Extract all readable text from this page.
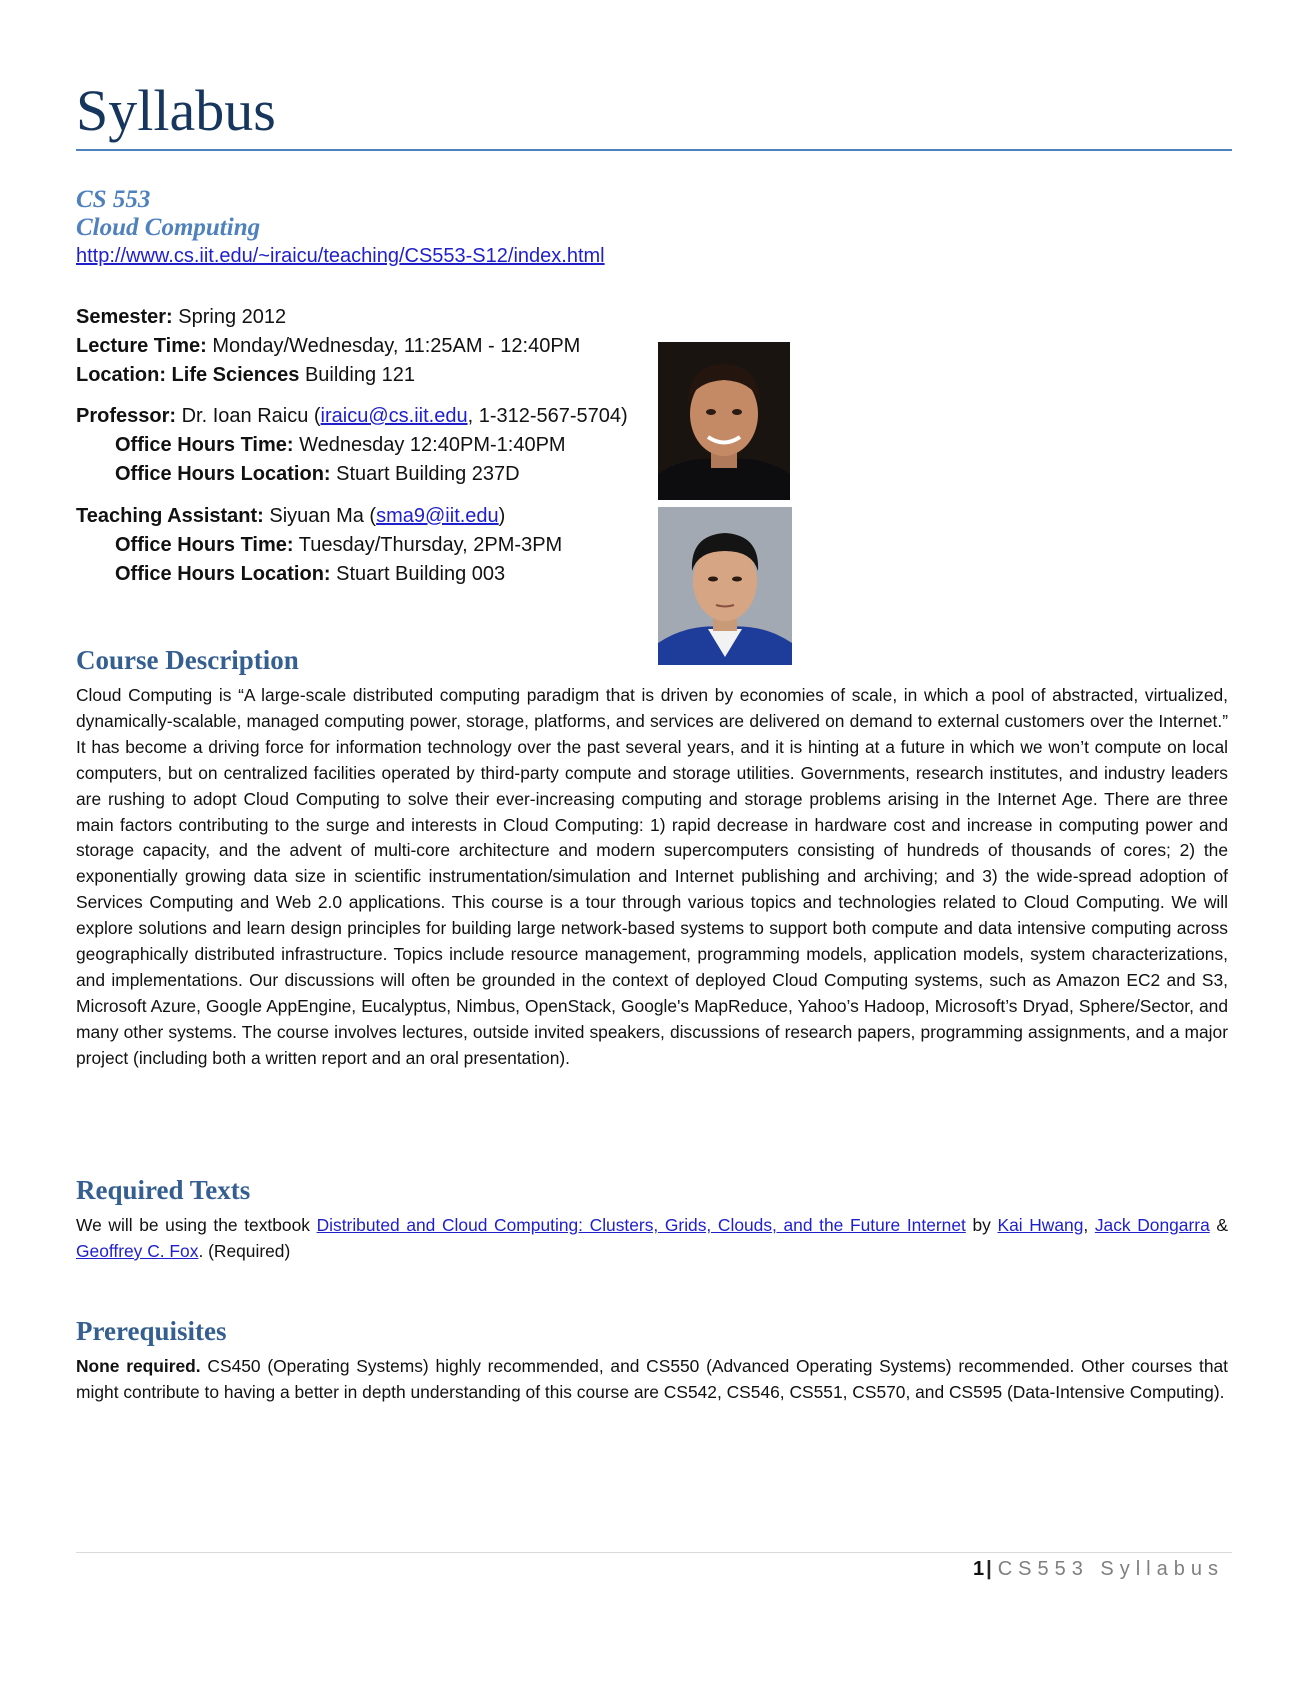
Syllabus
CS 553
Cloud Computing
http://www.cs.iit.edu/~iraicu/teaching/CS553-S12/index.html
Semester: Spring 2012
Lecture Time: Monday/Wednesday, 11:25AM - 12:40PM
Location: Life Sciences Building 121
Professor: Dr. Ioan Raicu (iraicu@cs.iit.edu, 1-312-567-5704)
Office Hours Time: Wednesday 12:40PM-1:40PM
Office Hours Location: Stuart Building 237D
Teaching Assistant: Siyuan Ma (sma9@iit.edu)
Office Hours Time: Tuesday/Thursday, 2PM-3PM
Office Hours Location: Stuart Building 003
Course Description

Cloud Computing is “A large-scale distributed computing paradigm that is driven by economies of scale, in which a pool of abstracted, virtualized, dynamically-scalable, managed computing power, storage, platforms, and services are delivered on demand to external customers over the Internet.” It has become a driving force for information technology over the past several years, and it is hinting at a future in which we won’t compute on local computers, but on centralized facilities operated by third-party compute and storage utilities. Governments, research institutes, and industry leaders are rushing to adopt Cloud Computing to solve their ever-increasing computing and storage problems arising in the Internet Age. There are three main factors contributing to the surge and interests in Cloud Computing: 1) rapid decrease in hardware cost and increase in computing power and storage capacity, and the advent of multi-core architecture and modern supercomputers consisting of hundreds of thousands of cores; 2) the exponentially growing data size in scientific instrumentation/simulation and Internet publishing and archiving; and 3) the wide-spread adoption of Services Computing and Web 2.0 applications. This course is a tour through various topics and technologies related to Cloud Computing. We will explore solutions and learn design principles for building large network-based systems to support both compute and data intensive computing across geographically distributed infrastructure. Topics include resource management, programming models, application models, system characterizations, and implementations. Our discussions will often be grounded in the context of deployed Cloud Computing systems, such as Amazon EC2 and S3, Microsoft Azure, Google AppEngine, Eucalyptus, Nimbus, OpenStack, Google's MapReduce, Yahoo’s Hadoop, Microsoft’s Dryad, Sphere/Sector, and many other systems. The course involves lectures, outside invited speakers, discussions of research papers, programming assignments, and a major project (including both a written report and an oral presentation).

Required Texts

We will be using the textbook Distributed and Cloud Computing: Clusters, Grids, Clouds, and the Future Internet by Kai Hwang, Jack Dongarra & Geoffrey C. Fox. (Required)

Prerequisites

None required. CS450 (Operating Systems) highly recommended, and CS550 (Advanced Operating Systems) recommended. Other courses that might contribute to having a better in depth understanding of this course are CS542, CS546, CS551, CS570, and CS595 (Data-Intensive Computing).

1 | CS553 Syllabus
